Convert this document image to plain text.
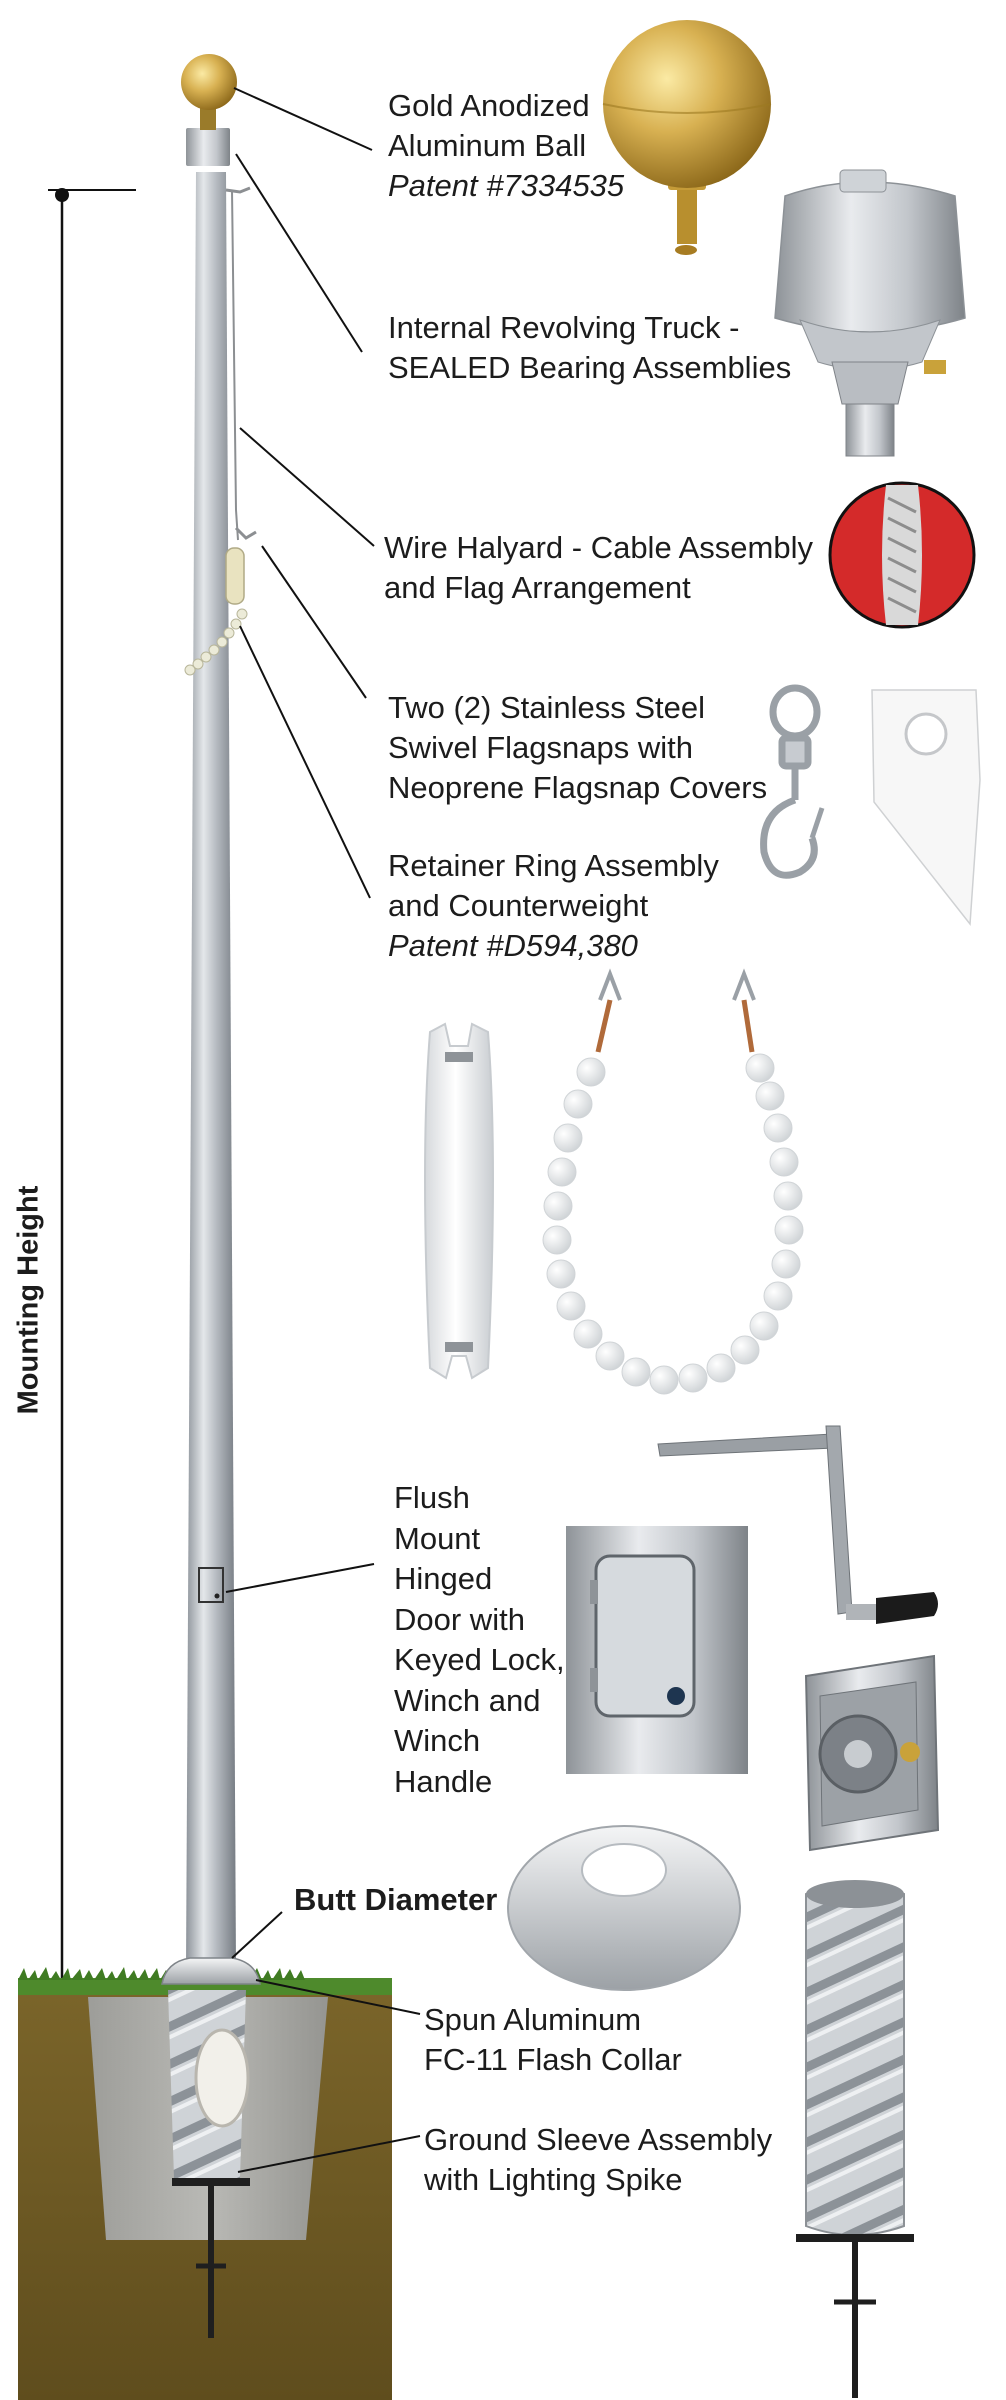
Mounting Height
Gold Anodized
Aluminum Ball
Patent #7334535
Internal Revolving Truck -
SEALED Bearing Assemblies
Wire Halyard - Cable Assembly
and Flag Arrangement
Two (2) Stainless Steel
Swivel Flagsnaps with
Neoprene Flagsnap Covers
Retainer Ring Assembly
and Counterweight
Patent #D594,380
Flush
Mount
Hinged
Door with
Keyed Lock,
Winch and
Winch
Handle
Butt Diameter
Spun Aluminum
FC-11 Flash Collar
Ground Sleeve Assembly
with Lighting Spike
